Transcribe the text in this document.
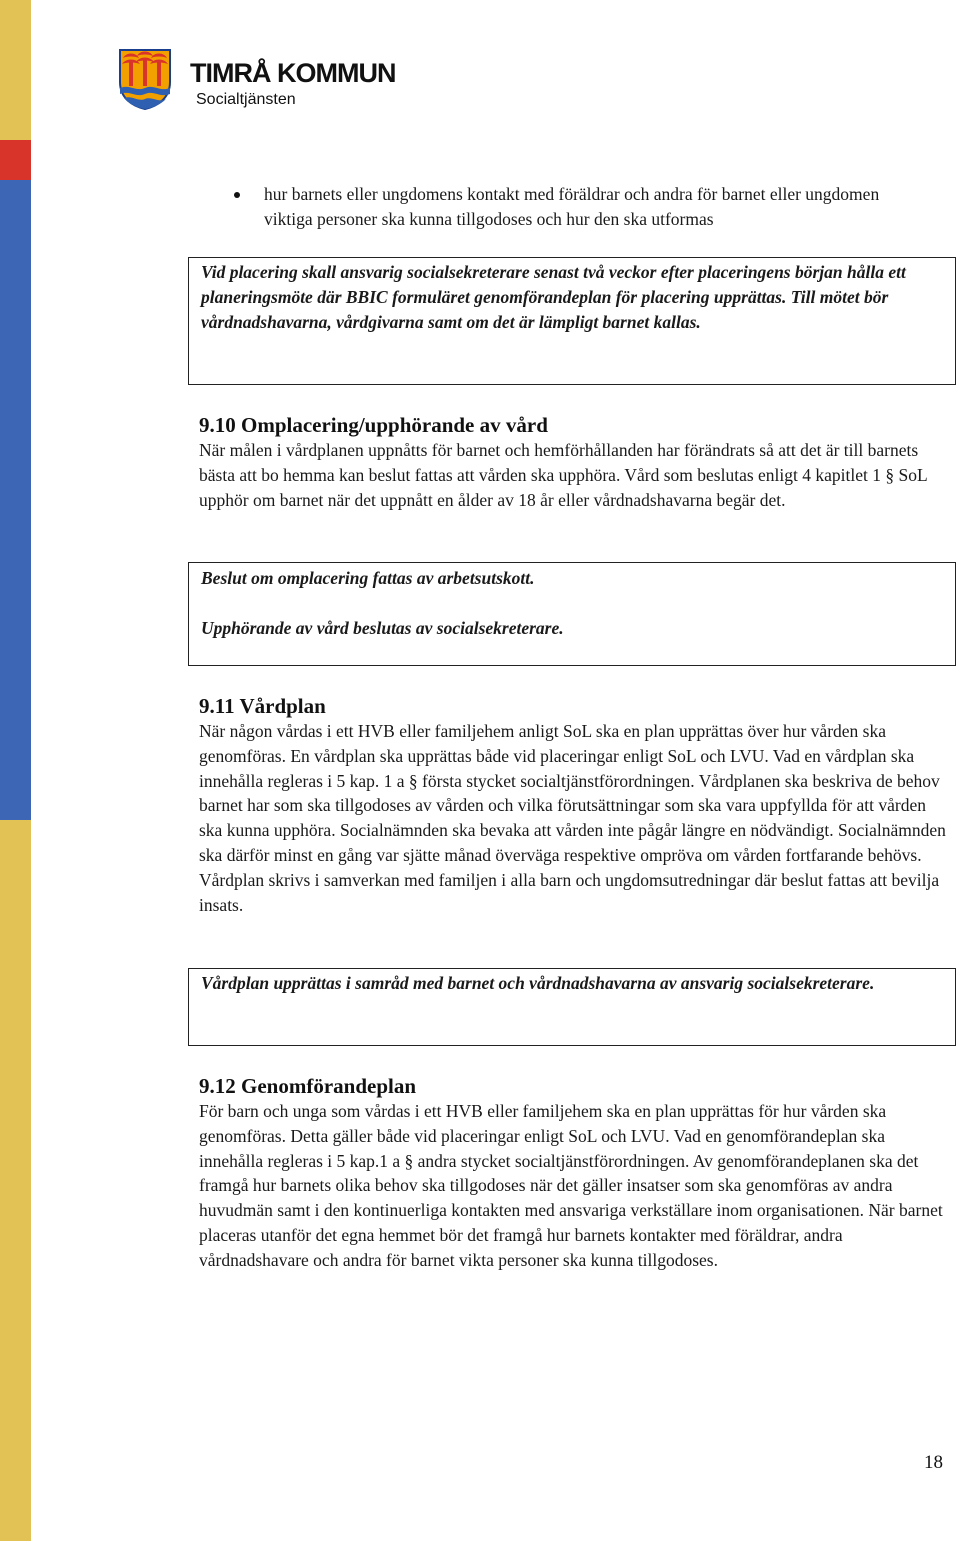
TIMRÅ KOMMUN
Socialtjänsten
hur barnets eller ungdomens kontakt med föräldrar och andra för barnet eller ungdomen viktiga personer ska kunna tillgodoses och hur den ska utformas

Vid placering skall ansvarig socialsekreterare senast två veckor efter placeringens början hålla ett planeringsmöte där BBIC formuläret genomförandeplan för placering upprättas. Till mötet bör vårdnadshavarna, vårdgivarna samt om det är lämpligt barnet kallas.

9.10 Omplacering/upphörande av vård

När målen i vårdplanen uppnåtts för barnet och hemförhållanden har förändrats så att det är till barnets bästa att bo hemma kan beslut fattas att vården ska upphöra. Vård som beslutas enligt 4 kapitlet 1 § SoL upphör om barnet när det uppnått en ålder av 18 år eller vårdnadshavarna begär det.

Beslut om omplacering fattas av arbetsutskott.

Upphörande av vård beslutas av socialsekreterare.

9.11 Vårdplan

När någon vårdas i ett HVB eller familjehem anligt SoL ska en plan upprättas över hur vården ska genomföras. En vårdplan ska upprättas både vid placeringar enligt SoL och LVU. Vad en vårdplan ska innehålla regleras i 5 kap. 1 a § första stycket socialtjänstförordningen. Vårdplanen ska beskriva de behov barnet har som ska tillgodoses av vården och vilka förutsättningar som ska vara uppfyllda för att vården ska kunna upphöra. Socialnämnden ska bevaka att vården inte pågår längre en nödvändigt. Socialnämnden ska därför minst en gång var sjätte månad överväga respektive ompröva om vården fortfarande behövs. Vårdplan skrivs i samverkan med familjen i alla barn och ungdomsutredningar där beslut fattas att bevilja insats.

Vårdplan upprättas i samråd med barnet och vårdnadshavarna av ansvarig socialsekreterare.

9.12 Genomförandeplan

För barn och unga som vårdas i ett HVB eller familjehem ska en plan upprättas för hur vården ska genomföras. Detta gäller både vid placeringar enligt SoL och LVU. Vad en genomförandeplan ska innehålla regleras i 5 kap.1 a § andra stycket socialtjänstförordningen. Av genomförandeplanen ska det framgå hur barnets olika behov ska tillgodoses när det gäller insatser som ska genomföras av andra huvudmän samt i den kontinuerliga kontakten med ansvariga verkställare inom organisationen. När barnet placeras utanför det egna hemmet bör det framgå hur barnets kontakter med föräldrar, andra vårdnadshavare och andra för barnet vikta personer ska kunna tillgodoses.

18
